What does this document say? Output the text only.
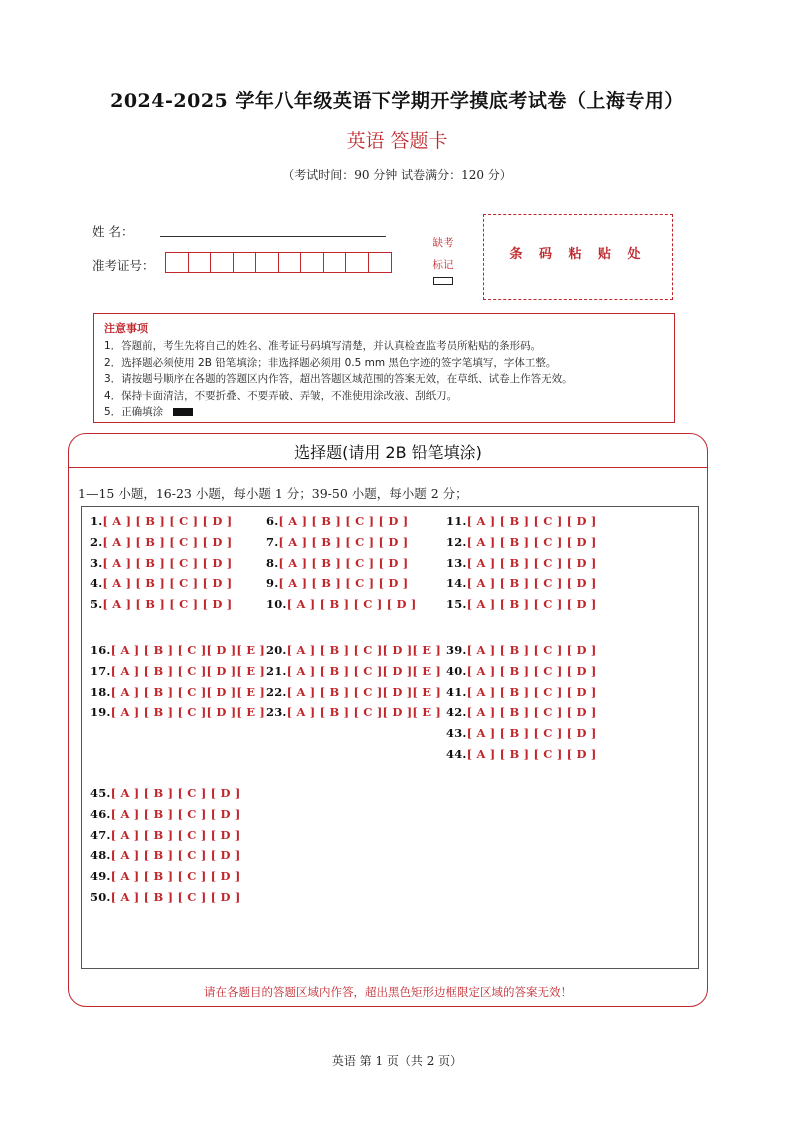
2024-2025 学年八年级英语下学期开学摸底考试卷（上海专用）
英语 答题卡
（考试时间：90 分钟 试卷满分：120 分）
姓 名：
准考证号：
缺考标记
条 码 粘 贴 处
注意事项
1．答题前，考生先将自己的姓名、准考证号码填写清楚，并认真检查监考员所粘贴的条形码。
2．选择题必须使用 2B 铅笔填涂；非选择题必须用 0.5 mm 黑色字迹的签字笔填写，字体工整。
3．请按题号顺序在各题的答题区内作答，超出答题区域范围的答案无效，在草纸、试卷上作答无效。
4．保持卡面清洁，不要折叠、不要弄破、弄皱，不准使用涂改液、刮纸刀。
5．正确填涂
选择题(请用 2B 铅笔填涂)
1—15 小题，16-23 小题，每小题 1 分；39-50 小题，每小题 2 分；
请在各题目的答题区域内作答，超出黑色矩形边框限定区域的答案无效！
英语 第 1 页（共 2 页）
1.[ A ] [ B ] [ C ] [ D ]
2.[ A ] [ B ] [ C ] [ D ]
3.[ A ] [ B ] [ C ] [ D ]
4.[ A ] [ B ] [ C ] [ D ]
5.[ A ] [ B ] [ C ] [ D ]
6.[ A ] [ B ] [ C ] [ D ]
7.[ A ] [ B ] [ C ] [ D ]
8.[ A ] [ B ] [ C ] [ D ]
9.[ A ] [ B ] [ C ] [ D ]
10.[ A ] [ B ] [ C ] [ D ]
11.[ A ] [ B ] [ C ] [ D ]
12.[ A ] [ B ] [ C ] [ D ]
13.[ A ] [ B ] [ C ] [ D ]
14.[ A ] [ B ] [ C ] [ D ]
15.[ A ] [ B ] [ C ] [ D ]
16.[ A ] [ B ] [ C ][ D ][ E ]
17.[ A ] [ B ] [ C ][ D ][ E ]
18.[ A ] [ B ] [ C ][ D ][ E ]
19.[ A ] [ B ] [ C ][ D ][ E ]
20.[ A ] [ B ] [ C ][ D ][ E ]
21.[ A ] [ B ] [ C ][ D ][ E ]
22.[ A ] [ B ] [ C ][ D ][ E ]
23.[ A ] [ B ] [ C ][ D ][ E ]
39.[ A ] [ B ] [ C ] [ D ]
40.[ A ] [ B ] [ C ] [ D ]
41.[ A ] [ B ] [ C ] [ D ]
42.[ A ] [ B ] [ C ] [ D ]
43.[ A ] [ B ] [ C ] [ D ]
44.[ A ] [ B ] [ C ] [ D ]
45.[ A ] [ B ] [ C ] [ D ]
46.[ A ] [ B ] [ C ] [ D ]
47.[ A ] [ B ] [ C ] [ D ]
48.[ A ] [ B ] [ C ] [ D ]
49.[ A ] [ B ] [ C ] [ D ]
50.[ A ] [ B ] [ C ] [ D ]
